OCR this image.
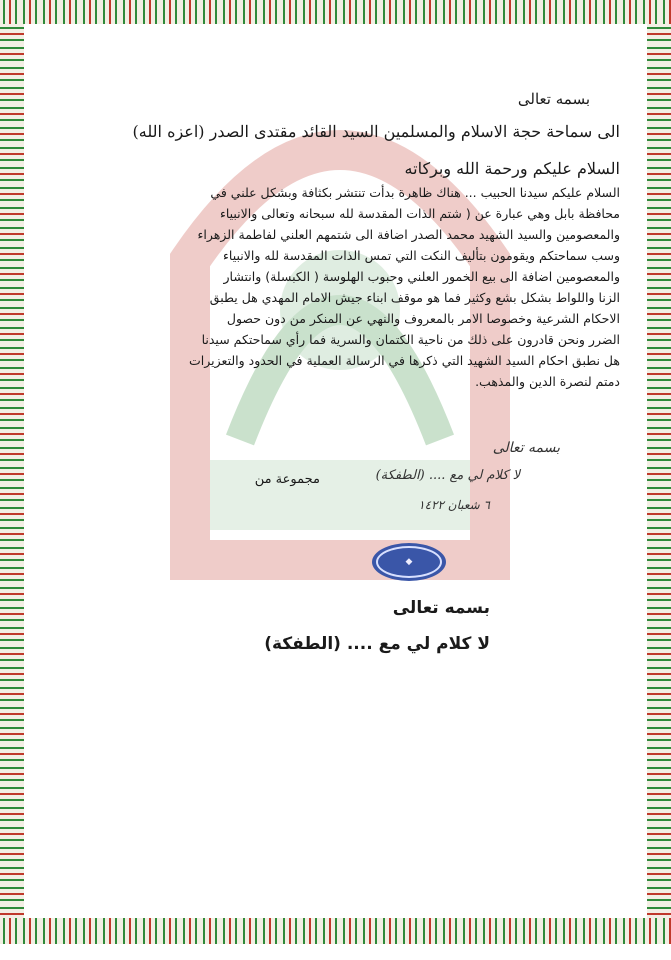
بسمه تعالى

الى سماحة حجة الاسلام والمسلمين السيد القائد مقتدى الصدر (اعزه الله)

السلام عليكم ورحمة الله وبركاته

السلام عليكم سيدنا الحبيب ... هناك ظاهرة بدأت تنتشر بكثافة وبشكل علني في
محافظة بابل وهي عبارة عن ( شتم الذات المقدسة لله سبحانه وتعالى والانبياء
والمعصومين والسيد الشهيد محمد الصدر اضافة الى شتمهم العلني لفاطمة الزهراء
وسب سماحتكم ويقومون بتأليف النكت التي تمس الذات المقدسة لله والانبياء
والمعصومين اضافة الى بيع الخمور العلني وحبوب الهلوسة ( الكبسلة) وانتشار
الزنا واللواط بشكل بشع وكثير فما هو موقف ابناء جيش الامام المهدي هل يطبق
الاحكام الشرعية وخصوصا الامر بالمعروف والنهي عن المنكر من دون حصول
الضرر ونحن قادرون على ذلك من ناحية الكتمان والسرية فما رأي سماحتكم سيدنا
هل نطبق احكام السيد الشهيد التي ذكرها في الرسالة العملية في الحدود والتعزيرات
دمتم لنصرة الدين والمذهب.

بسمه تعالى
لا كلام لي مع .... (الطفكة)
مجموعة من
٦ شعبان ١٤٢٢
◆

بسمه تعالى

لا كلام لي مع .... (الطفكة)
